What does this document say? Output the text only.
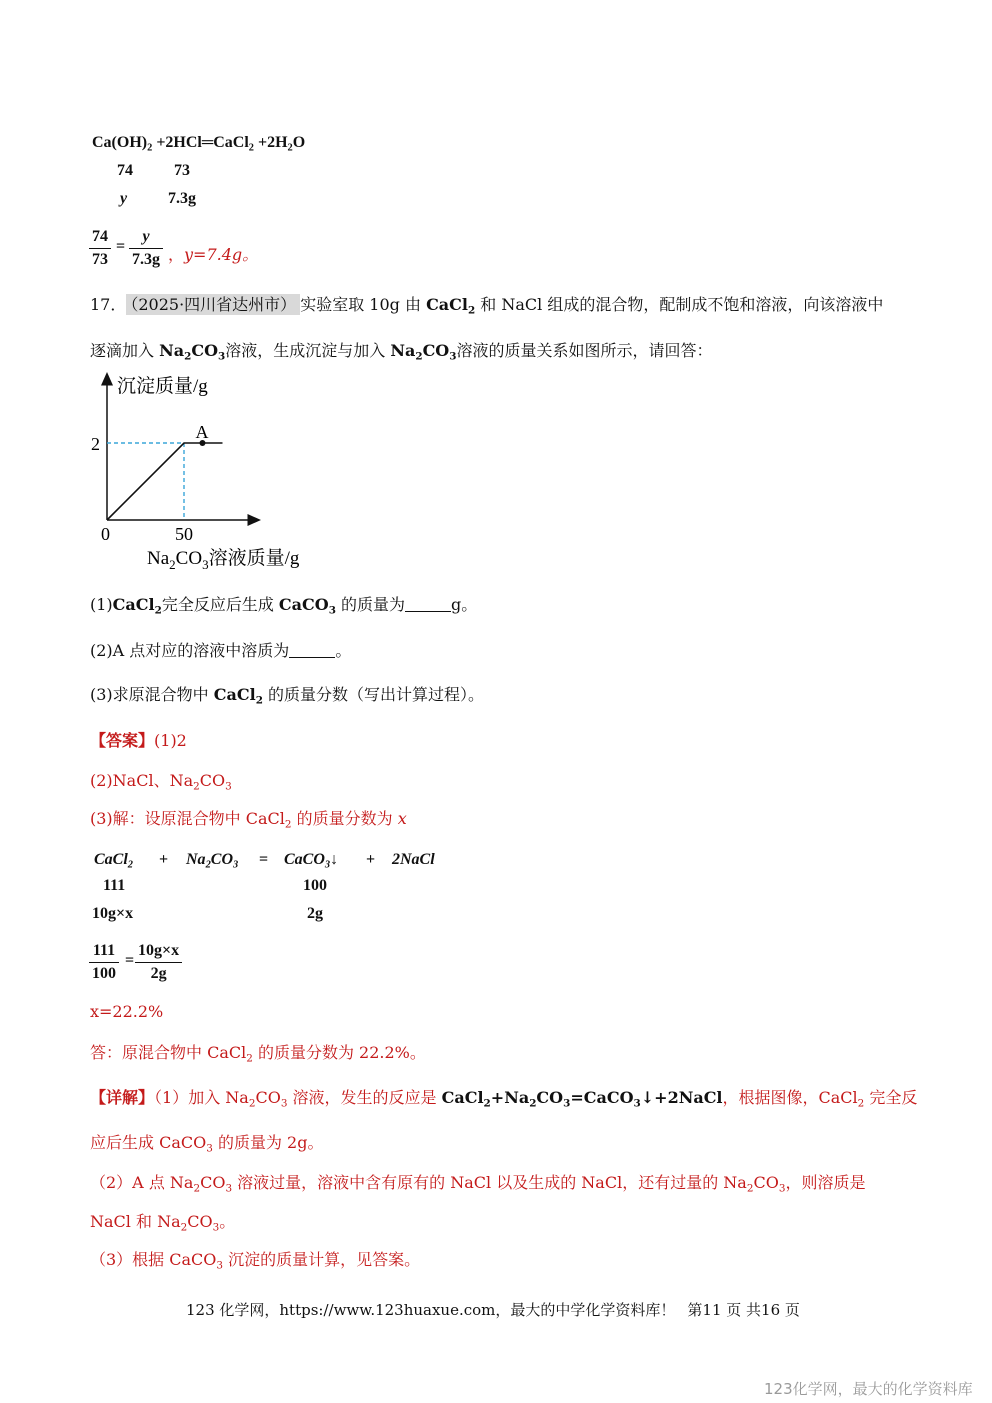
$Ca(OH)_2$ +2HCl═CaCl$_2$ $+2H_2O$
74	73
y	7.3g
$\frac{74}{73} = \frac{y}{7.3g}$ ，y=7.4g。
17． （2025·四川省达州市） 实验室取 10g 由 CaCl$_2$ 和 NaCl 组成的混合物，配制成不饱和溶液，向该溶液中
逐滴加入 $Na_2CO_3$溶液，生成沉淀与加入 $Na_2CO_3$溶液的质量关系如图所示，请回答：
沉淀质量/g
A
2
0	50
$Na_2CO_3$溶液质量/g
(1)CaCl$_2$完全反应后生成 CaCO$_3$ 的质量为	g。
(2)A 点对应的溶液中溶质为	。
(3)求原混合物中 CaCl$_2$ 的质量分数（写出计算过程）。
【答案】(1)2
(2)NaCl、$Na_2CO_3$
(3)解：设原混合物中 CaCl$_2$ 的质量分数为 x
CaCl$_2$ + $Na_2CO_3$ = CaCO$_3$↓ + 2NaCl
111	100
10g×x	2g
$\frac{111}{100} = \frac{10g\times x}{2g}$
x=22.2%
答：原混合物中 CaCl$_2$ 的质量分数为 22.2%。
【详解】（1）加入 $Na_2CO_3$ 溶液，发生的反应是 $CaCl_2+Na_2CO_3=CaCO_3↓+2NaCl$，根据图像，CaCl$_2$ 完全反
应后生成 CaCO$_3$ 的质量为 2g。
（2）A 点 $Na_2CO_3$ 溶液过量，溶液中含有原有的 NaCl 以及生成的 NaCl，还有过量的 $Na_2CO_3$，则溶质是
NaCl 和 $Na_2CO_3$。
（3）根据 CaCO$_3$ 沉淀的质量计算，见答案。
123 化学网，https://www.123huaxue.com，最大的中学化学资料库！ 第11 页 共16 页
123化学网，最大的化学资料库
